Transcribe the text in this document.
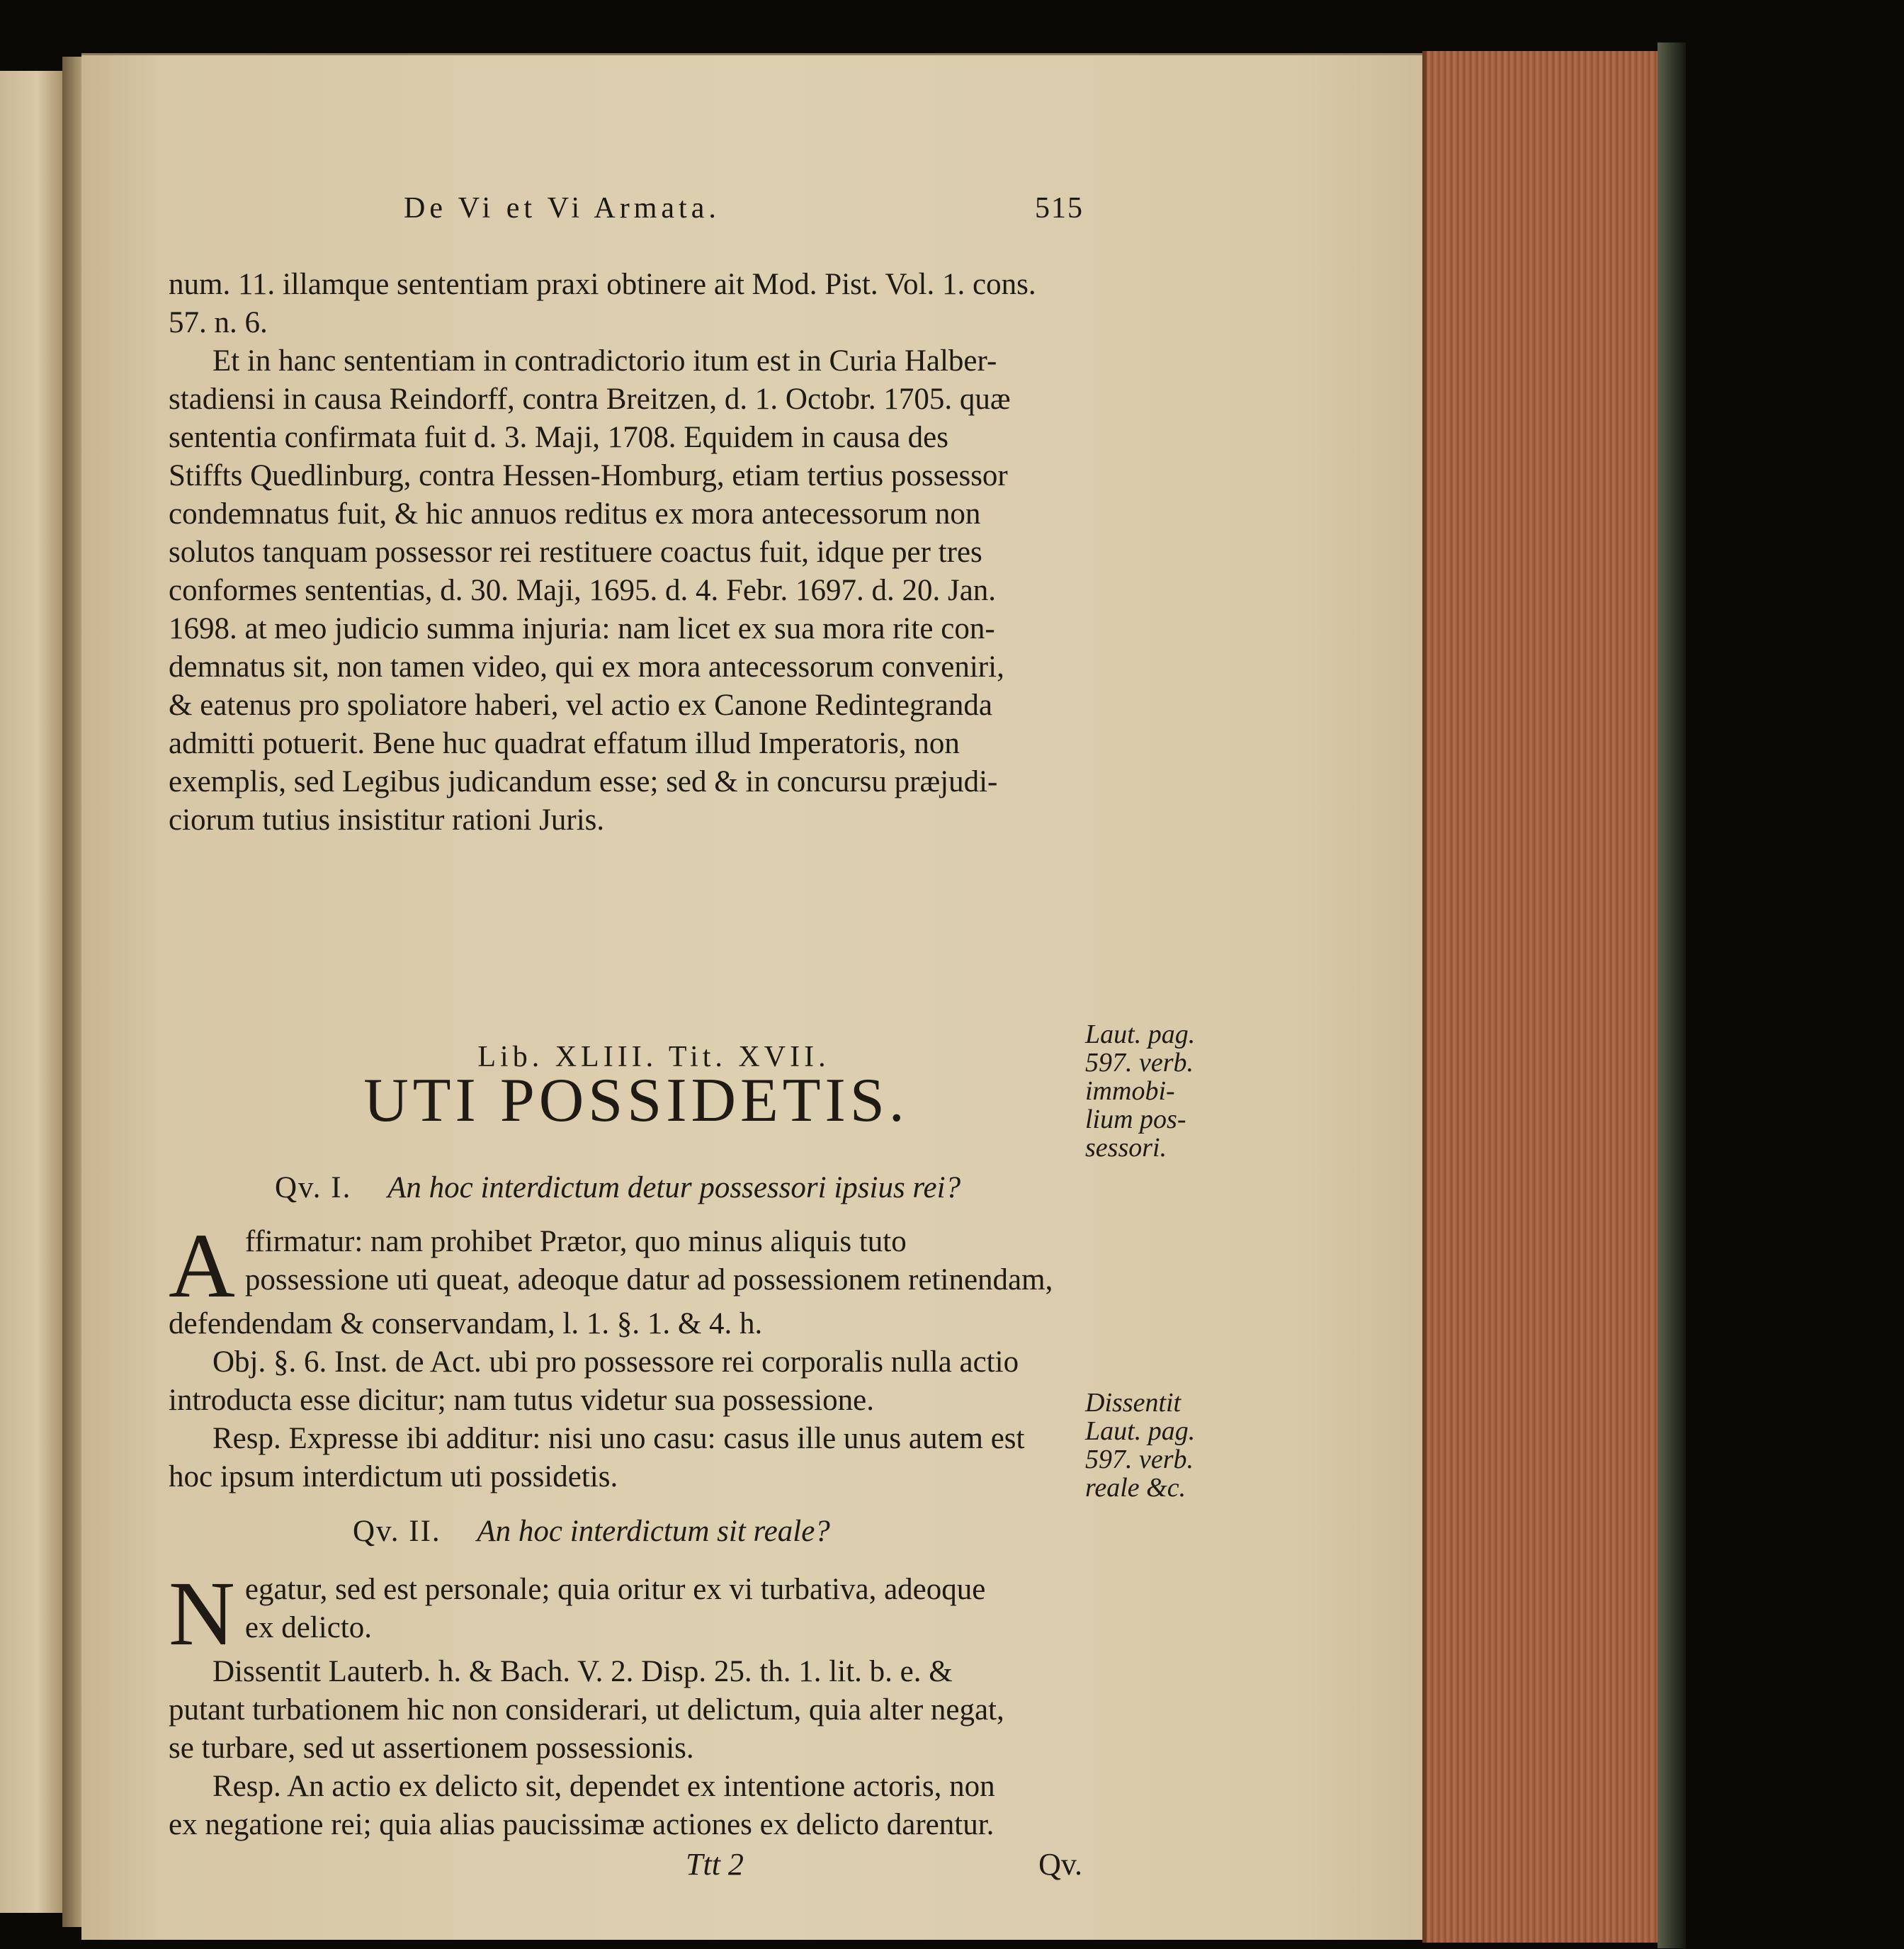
De Vi et Vi Armata.	515

num. 11. illamque sententiam praxi obtinere ait Mod. Pist. Vol. 1. cons.

57. n. 6.

Et in hanc sententiam in contradictorio itum est in Curia Halber-

stadiensi in causa Reindorff, contra Breitzen, d. 1. Octobr. 1705. quæ

sententia confirmata fuit d. 3. Maji, 1708. Equidem in causa des

Stiffts Quedlinburg, contra Hessen-Homburg, etiam tertius possessor

condemnatus fuit, & hic annuos reditus ex mora antecessorum non

solutos tanquam possessor rei restituere coactus fuit, idque per tres

conformes sententias, d. 30. Maji, 1695. d. 4. Febr. 1697. d. 20. Jan.

1698. at meo judicio summa injuria: nam licet ex sua mora rite con-

demnatus sit, non tamen video, qui ex mora antecessorum conveniri,

& eatenus pro spoliatore haberi, vel actio ex Canone Redintegranda

admitti potuerit. Bene huc quadrat effatum illud Imperatoris, non

exemplis, sed Legibus judicandum esse; sed & in concursu præjudi-

ciorum tutius insistitur rationi Juris.

Lib. XLIII. Tit. XVII.
UTI POSSIDETIS.

Qv. I. An hoc interdictum detur possessori ipsius rei?

A ffirmatur: nam prohibet Prætor, quo minus aliquis tuto

possessione uti queat, adeoque datur ad possessionem retinendam,

defendendam & conservandam, l. 1. §. 1. & 4. h.

Obj. §. 6. Inst. de Act. ubi pro possessore rei corporalis nulla actio

introducta esse dicitur; nam tutus videtur sua possessione.

Resp. Expresse ibi additur: nisi uno casu: casus ille unus autem est

hoc ipsum interdictum uti possidetis.

Qv. II. An hoc interdictum sit reale?

N egatur, sed est personale; quia oritur ex vi turbativa, adeoque

ex delicto.

Dissentit Lauterb. h. & Bach. V. 2. Disp. 25. th. 1. lit. b. e. &

putant turbationem hic non considerari, ut delictum, quia alter negat,

se turbare, sed ut assertionem possessionis.

Resp. An actio ex delicto sit, dependet ex intentione actoris, non

ex negatione rei; quia alias paucissimæ actiones ex delicto darentur.

Ttt 2	Qv.
Laut. pag.
597. verb.
immobi-
lium pos-
sessori.
Dissentit
Laut. pag.
597. verb.
reale &c.
